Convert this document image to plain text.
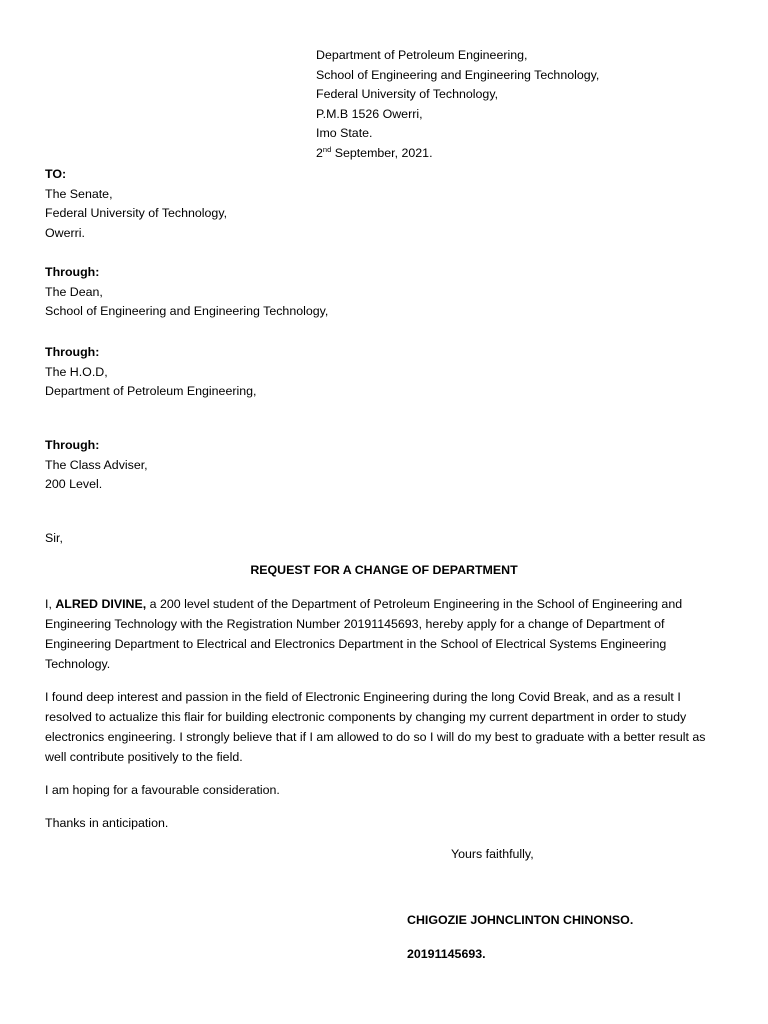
Department of Petroleum Engineering,
School of Engineering and Engineering Technology,
Federal University of Technology,
P.M.B 1526 Owerri,
Imo State.
2nd September, 2021.
TO:
The Senate,
Federal University of Technology,
Owerri.
Through:
The Dean,
School of Engineering and Engineering Technology,
Through:
The H.O.D,
Department of Petroleum Engineering,
Through:
The Class Adviser,
200 Level.
Sir,
REQUEST FOR A CHANGE OF DEPARTMENT
I, ALRED DIVINE, a 200 level student of the Department of Petroleum Engineering in the School of Engineering and Engineering Technology with the Registration Number 20191145693, hereby apply for a change of Department of Engineering Department to Electrical and Electronics Department in the School of Electrical Systems Engineering Technology.
I found deep interest and passion in the field of Electronic Engineering during the long Covid Break, and as a result I resolved to actualize this flair for building electronic components by changing my current department in order to study electronics engineering. I strongly believe that if I am allowed to do so I will do my best to graduate with a better result as well contribute positively to the field.
I am hoping for a favourable consideration.
Thanks in anticipation.
Yours faithfully,
CHIGOZIE JOHNCLINTON CHINONSO.
20191145693.
